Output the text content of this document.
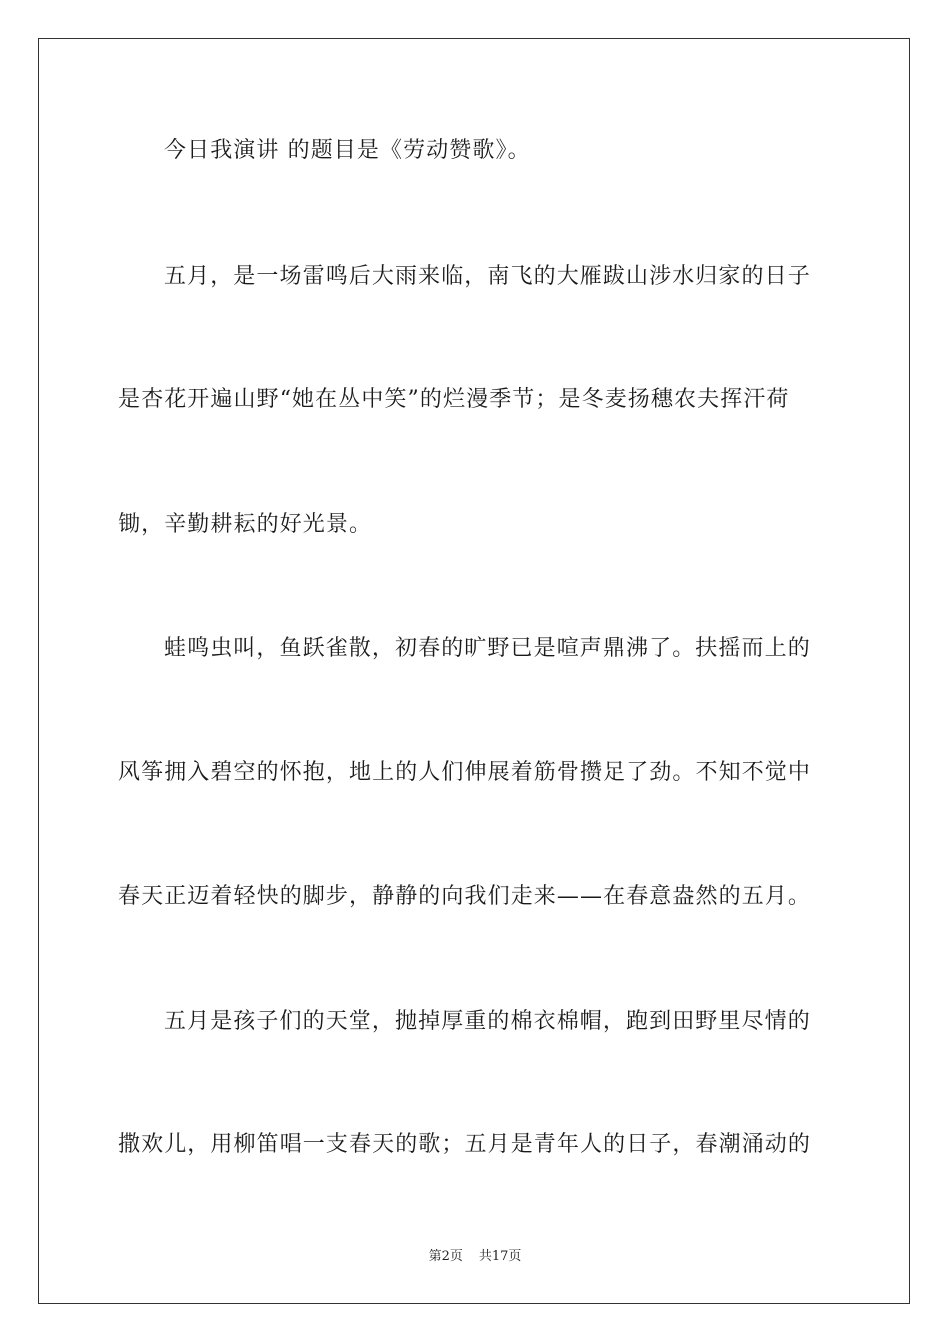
今日我演讲 的题目是《劳动赞歌》。
五月，是一场雷鸣后大雨来临，南飞的大雁跋山涉水归家的日子
是杏花开遍山野“她在丛中笑”的烂漫季节；是冬麦扬穗农夫挥汗荷
锄，辛勤耕耘的好光景。
蛙鸣虫叫，鱼跃雀散，初春的旷野已是喧声鼎沸了。扶摇而上的
风筝拥入碧空的怀抱，地上的人们伸展着筋骨攒足了劲。不知不觉中
春天正迈着轻快的脚步，静静的向我们走来——在春意盎然的五月。
五月是孩子们的天堂，抛掉厚重的棉衣棉帽，跑到田野里尽情的
撒欢儿，用柳笛唱一支春天的歌；五月是青年人的日子，春潮涌动的
第2页 共17页
